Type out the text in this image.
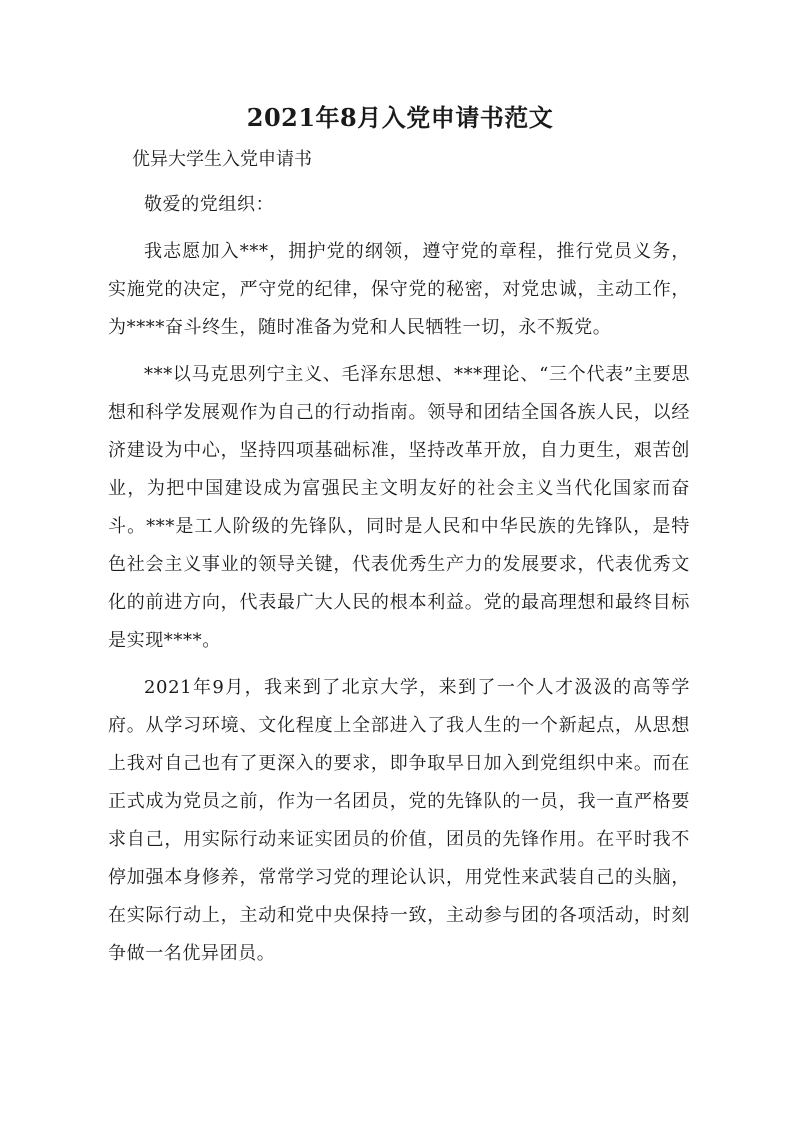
2021年8月入党申请书范文
优异大学生入党申请书

敬爱的党组织：

我志愿加入***，拥护党的纲领，遵守党的章程，推行党员义务，实施党的决定，严守党的纪律，保守党的秘密，对党忠诚，主动工作，为****奋斗终生，随时准备为党和人民牺牲一切，永不叛党。

***以马克思列宁主义、毛泽东思想、***理论、“三个代表”主要思想和科学发展观作为自己的行动指南。领导和团结全国各族人民，以经济建设为中心，坚持四项基础标准，坚持改革开放，自力更生，艰苦创业，为把中国建设成为富强民主文明友好的社会主义当代化国家而奋斗。***是工人阶级的先锋队，同时是人民和中华民族的先锋队，是特色社会主义事业的领导关键，代表优秀生产力的发展要求，代表优秀文化的前进方向，代表最广大人民的根本利益。党的最高理想和最终目标是实现****。

2021年9月，我来到了北京大学，来到了一个人才汲汲的高等学府。从学习环境、文化程度上全部进入了我人生的一个新起点，从思想上我对自己也有了更深入的要求，即争取早日加入到党组织中来。而在正式成为党员之前，作为一名团员，党的先锋队的一员，我一直严格要求自己，用实际行动来证实团员的价值，团员的先锋作用。在平时我不停加强本身修养，常常学习党的理论认识，用党性来武装自己的头脑，在实际行动上，主动和党中央保持一致，主动参与团的各项活动，时刻争做一名优异团员。
